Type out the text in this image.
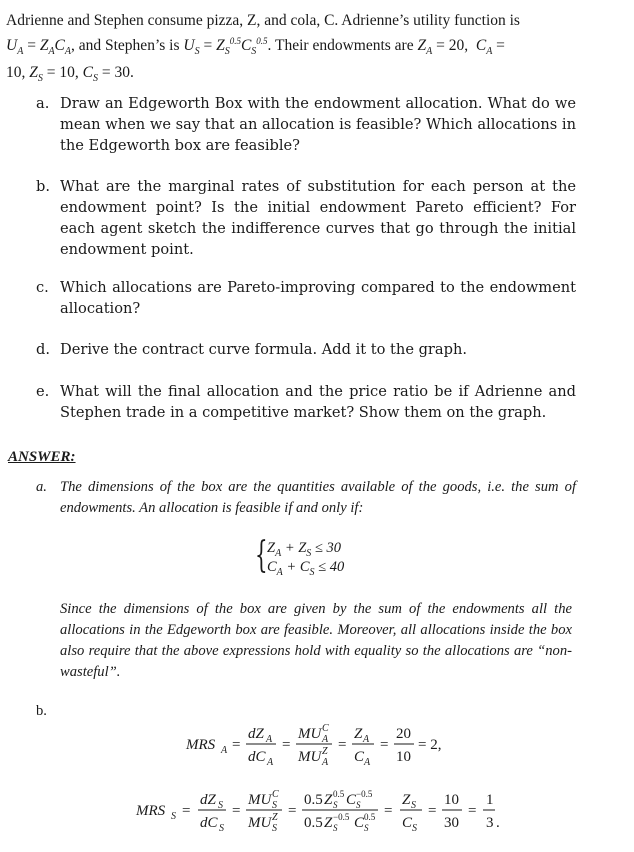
Adrienne and Stephen consume pizza, Z, and cola, C. Adrienne’s utility function is
$U_A = Z_AC_A$, and Stephen’s is $U_S = Z_S^{0.5}C_S^{0.5}$. Their endowments are $Z_A = 20$,  $C_A$ =
10, $Z_S = 10$, $C_S = 30$.
a. Draw an Edgeworth Box with the endowment allocation. What do we mean when we say that an allocation is feasible? Which allocations in the Edgeworth box are feasible?
b. What are the marginal rates of substitution for each person at the endowment point? Is the initial endowment Pareto efficient? For each agent sketch the indifference curves that go through the initial endowment point.
c. Which allocations are Pareto-improving compared to the endowment allocation?
d. Derive the contract curve formula. Add it to the graph.
e. What will the final allocation and the price ratio be if Adrienne and Stephen trade in a competitive market? Show them on the graph.
ANSWER:
a. The dimensions of the box are the quantities available of the goods, i.e. the sum of endowments. An allocation is feasible if and only if:
{ $Z_A + Z_S \le 30$
$C_A + C_S \le 40$
Since the dimensions of the box are given by the sum of the endowments all the allocations in the Edgeworth box are feasible. Moreover, all allocations inside the box also require that the above expressions hold with equality so the allocations are “non-wasteful”.
b.
MRS A =
dZ A
dC A
=
MU A
C
MU A
Z =
Z A
C A
=
20
10
= 2,
MRS S =
dZ S
dC S
=
MU S
C
MU S
Z =
0.5 Z S
0.5 C S
−0.5
0.5 Z S
−0.5 C S
0.5 =
Z S
C S
=
10
30
=
1
3 .
